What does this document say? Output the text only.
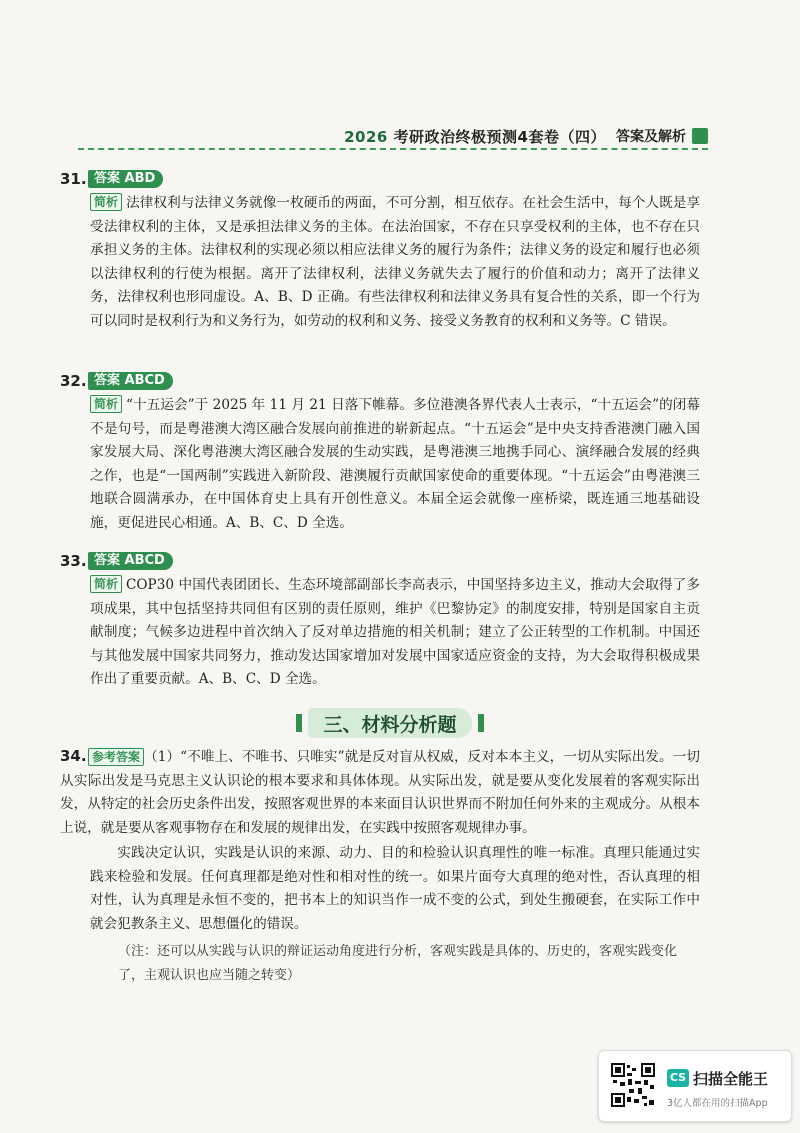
2026 考研政治终极预测4套卷（四） 答案及解析
31. 答案 ABD
简析 法律权利与法律义务就像一枚硬币的两面，不可分割，相互依存。在社会生活中，每个人既是享受法律权利的主体，又是承担法律义务的主体。在法治国家，不存在只享受权利的主体，也不存在只承担义务的主体。法律权利的实现必须以相应法律义务的履行为条件；法律义务的设定和履行也必须以法律权利的行使为根据。离开了法律权利，法律义务就失去了履行的价值和动力；离开了法律义务，法律权利也形同虚设。A、B、D 正确。有些法律权利和法律义务具有复合性的关系，即一个行为可以同时是权利行为和义务行为，如劳动的权利和义务、接受义务教育的权利和义务等。C 错误。
32. 答案 ABCD
简析 “十五运会”于 2025 年 11 月 21 日落下帷幕。多位港澳各界代表人士表示，“十五运会”的闭幕不是句号，而是粤港澳大湾区融合发展向前推进的崭新起点。“十五运会”是中央支持香港澳门融入国家发展大局、深化粤港澳大湾区融合发展的生动实践，是粤港澳三地携手同心、演绎融合发展的经典之作，也是“一国两制”实践进入新阶段、港澳履行贡献国家使命的重要体现。“十五运会”由粤港澳三地联合圆满承办，在中国体育史上具有开创性意义。本届全运会就像一座桥梁，既连通三地基础设施，更促进民心相通。A、B、C、D 全选。
33. 答案 ABCD
简析 COP30 中国代表团团长、生态环境部副部长李高表示，中国坚持多边主义，推动大会取得了多项成果，其中包括坚持共同但有区别的责任原则，维护《巴黎协定》的制度安排，特别是国家自主贡献制度；气候多边进程中首次纳入了反对单边措施的相关机制；建立了公正转型的工作机制。中国还与其他发展中国家共同努力，推动发达国家增加对发展中国家适应资金的支持，为大会取得积极成果作出了重要贡献。A、B、C、D 全选。
三、材料分析题
34. 参考答案 （1）“不唯上、不唯书、只唯实”就是反对盲从权威，反对本本主义，一切从实际出发。一切从实际出发是马克思主义认识论的根本要求和具体体现。从实际出发，就是要从变化发展着的客观实际出发，从特定的社会历史条件出发，按照客观世界的本来面目认识世界而不附加任何外来的主观成分。从根本上说，就是要从客观事物存在和发展的规律出发，在实践中按照客观规律办事。
实践决定认识，实践是认识的来源、动力、目的和检验认识真理性的唯一标准。真理只能通过实践来检验和发展。任何真理都是绝对性和相对性的统一。如果片面夸大真理的绝对性，否认真理的相对性，认为真理是永恒不变的，把书本上的知识当作一成不变的公式，到处生搬硬套，在实际工作中就会犯教条主义、思想僵化的错误。
（注：还可以从实践与认识的辩证运动角度进行分析，客观实践是具体的、历史的，客观实践变化了，主观认识也应当随之转变）
CS 扫描全能王
3亿人都在用的扫描App
